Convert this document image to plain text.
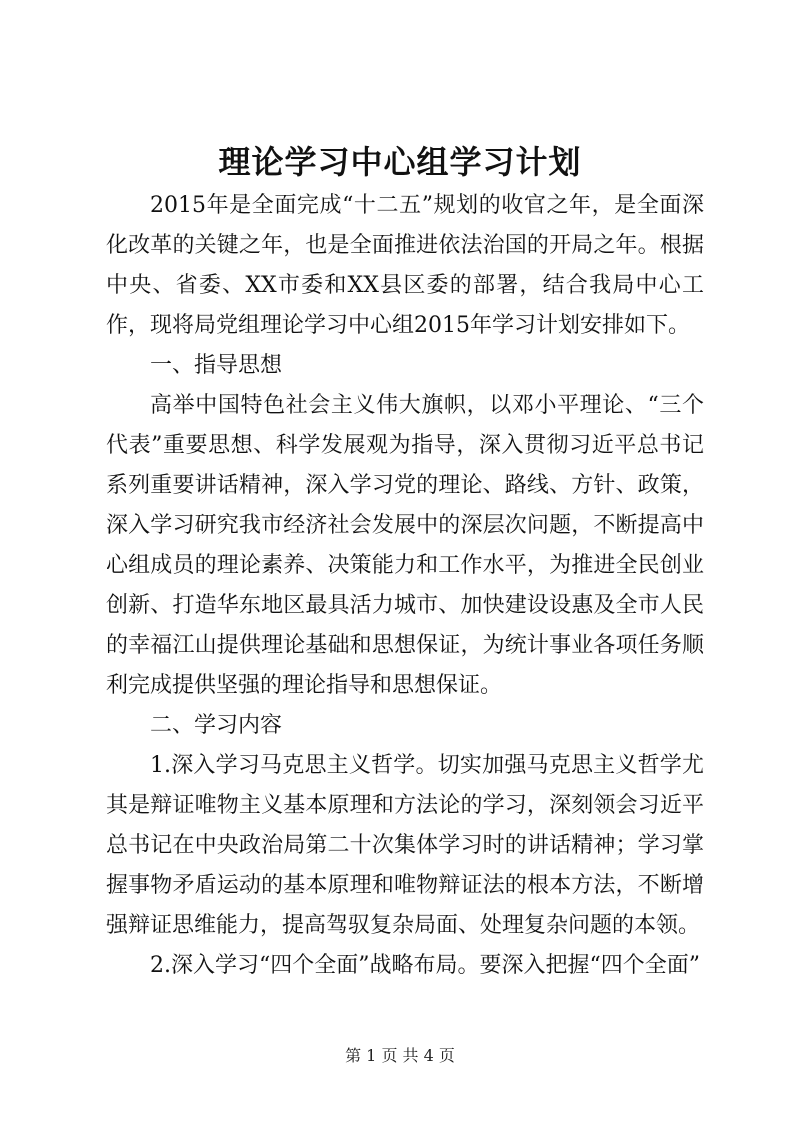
理论学习中心组学习计划

2015年是全面完成“十二五”规划的收官之年，是全面深化改革的关键之年，也是全面推进依法治国的开局之年。根据中央、省委、XX市委和XX县区委的部署，结合我局中心工作，现将局党组理论学习中心组2015年学习计划安排如下。

一、指导思想

高举中国特色社会主义伟大旗帜，以邓小平理论、“三个代表”重要思想、科学发展观为指导，深入贯彻习近平总书记系列重要讲话精神，深入学习党的理论、路线、方针、政策，深入学习研究我市经济社会发展中的深层次问题，不断提高中心组成员的理论素养、决策能力和工作水平，为推进全民创业创新、打造华东地区最具活力城市、加快建设设惠及全市人民的幸福江山提供理论基础和思想保证，为统计事业各项任务顺利完成提供坚强的理论指导和思想保证。

二、学习内容

1.深入学习马克思主义哲学。切实加强马克思主义哲学尤其是辩证唯物主义基本原理和方法论的学习，深刻领会习近平总书记在中央政治局第二十次集体学习时的讲话精神；学习掌握事物矛盾运动的基本原理和唯物辩证法的根本方法，不断增强辩证思维能力，提高驾驭复杂局面、处理复杂问题的本领。

2.深入学习“四个全面”战略布局。要深入把握“四个全面”

第 1 页 共 4 页
